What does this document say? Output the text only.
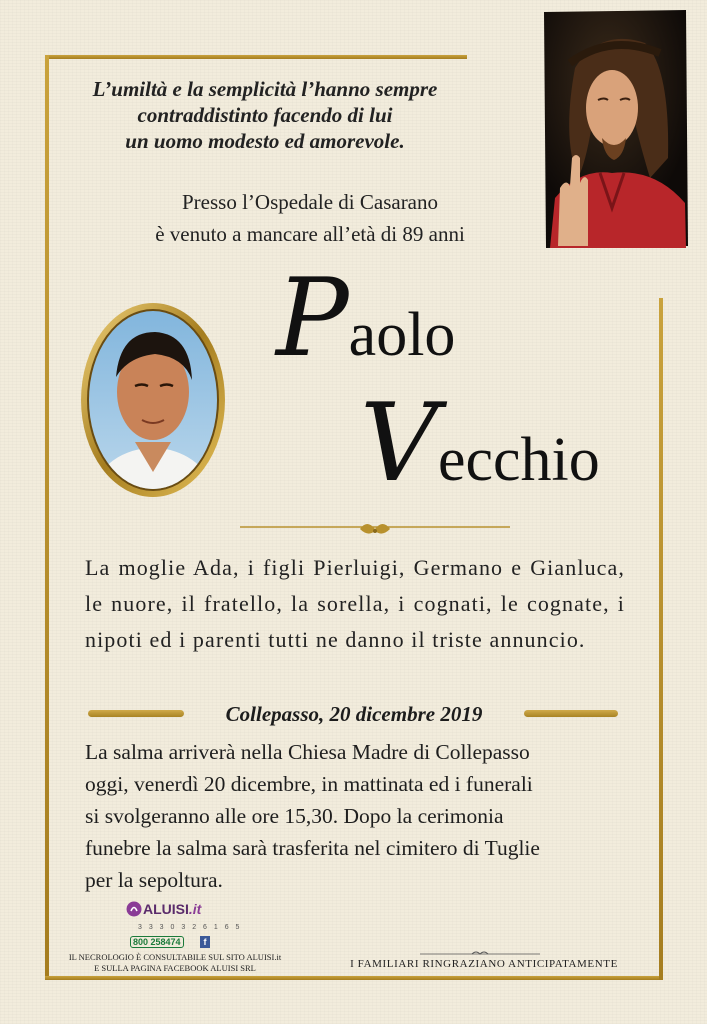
L’umiltà e la semplicità l’hanno sempre
contraddistinto facendo di lui
un uomo modesto ed amorevole.
Presso l’Ospedale di Casarano
è venuto a mancare all’età di 89 anni
Paolo
Vecchio
La moglie Ada, i figli Pierluigi, Germano e Gianluca, le nuore, il fratello, la sorella, i cognati, le cognate, i nipoti ed i parenti tutti ne danno il triste annuncio.
Collepasso, 20 dicembre 2019
La salma arriverà nella Chiesa Madre di Collepasso
oggi, venerdì 20 dicembre, in mattinata ed i funerali
si svolgeranno alle ore 15,30. Dopo la cerimonia
funebre la salma sarà trasferita nel cimitero di Tuglie
per la sepoltura.
ALUISI.it
3 3 3 0 3 2 6 1 6 5
800 258474	f
IL NECROLOGIO È CONSULTABILE SUL SITO ALUISI.it
E SULLA PAGINA FACEBOOK ALUISI SRL	I FAMILIARI RINGRAZIANO ANTICIPATAMENTE
